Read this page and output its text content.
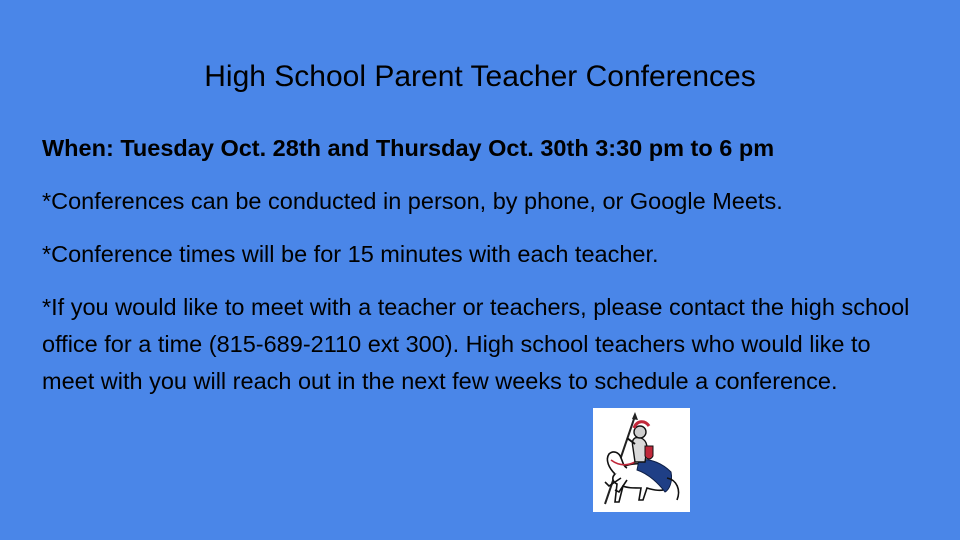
High School Parent Teacher Conferences

When: Tuesday Oct. 28th and Thursday Oct. 30th 3:30 pm to 6 pm

*Conferences can be conducted in person, by phone, or Google Meets.

*Conference times will be for 15 minutes with each teacher.

*If you would like to meet with a teacher or teachers, please contact the high school office for a time (815-689-2110 ext 300). High school teachers who would like to meet with you will reach out in the next few weeks to schedule a conference.
